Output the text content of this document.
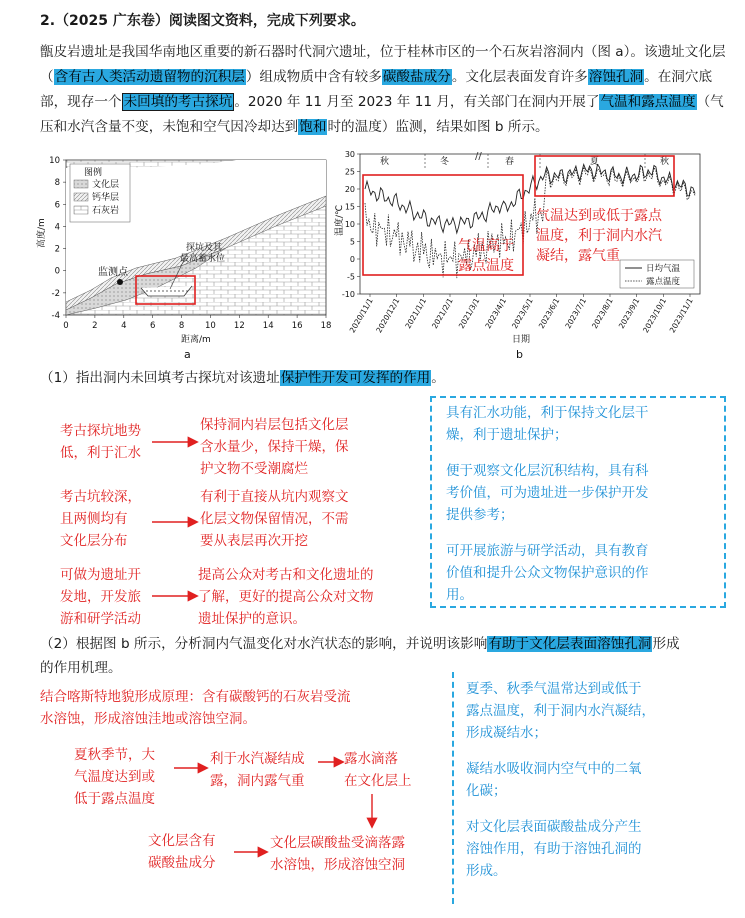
2.（2025 广东卷）阅读图文资料，完成下列要求。
甑皮岩遗址是我国华南地区重要的新石器时代洞穴遗址，位于桂林市区的一个石灰岩溶洞内（图 a）。该遗址文化层（含有古人类活动遗留物的沉积层）组成物质中含有较多碳酸盐成分。文化层表面发育许多溶蚀孔洞。在洞穴底部，现存一个 未回填的考古探坑 。2020 年 11 月至 2023 年 11 月，有关部门在洞内开展了气温和露点温度（气压和水汽含量不变，未饱和空气因冷却达到饱和时的温度）监测，结果如图 b 所示。
监测点
探坑及其
最高蓄水位
图例
文化层
钙华层
石灰岩
10
8
6
4
2
0
-2
-4
0	2	4	6	8 10 12 14 16 18
高度/m
距离/m
a
30
25
20
15
10
5
0
-5
-10
2020/11/1 2020/12/1 2021/1/1 2021/2/1 2021/3/1 2023/4/1 2023/5/1 2023/6/1 2023/7/1 2023/8/1 2023/9/1 2023/10/1 2023/11/1
秋	冬	春	夏	秋
//
气温高于
露点温度
气温达到或低于露点
温度，利于洞内水汽
凝结，露气重
日均气温
露点温度
温度/℃
日期
b
（1）指出洞内未回填考古探坑对该遗址保护性开发可发挥的作用。
考古探坑地势
低，利于汇水
保持洞内岩层包括文化层
含水量少，保持干燥，保
护文物不受潮腐烂
考古坑较深，
且两侧均有
文化层分布
有利于直接从坑内观察文
化层文物保留情况，不需
要从表层再次开挖
可做为遗址开
发地，开发旅
游和研学活动
提高公众对考古和文化遗址的
了解，更好的提高公众对文物
遗址保护的意识。
具有汇水功能，利于保持文化层干
燥，利于遗址保护；
便于观察文化层沉积结构，具有科
考价值，可为遗址进一步保护开发
提供参考；
可开展旅游与研学活动，具有教育
价值和提升公众文物保护意识的作
用。
（2）根据图 b 所示，分析洞内气温变化对水汽状态的影响，并说明该影响有助于文化层表面溶蚀孔洞形成
的作用机理。
结合喀斯特地貌形成原理：含有碳酸钙的石灰岩受流
水溶蚀，形成溶蚀洼地或溶蚀空洞。
夏秋季节，大
气温度达到或
低于露点温度
利于水汽凝结成
露，洞内露气重
露水滴落
在文化层上
文化层含有
碳酸盐成分
文化层碳酸盐受滴落露
水溶蚀，形成溶蚀空洞
夏季、秋季气温常达到或低于
露点温度，利于洞内水汽凝结，
形成凝结水；
凝结水吸收洞内空气中的二氧
化碳；
对文化层表面碳酸盐成分产生
溶蚀作用，有助于溶蚀孔洞的
形成。
